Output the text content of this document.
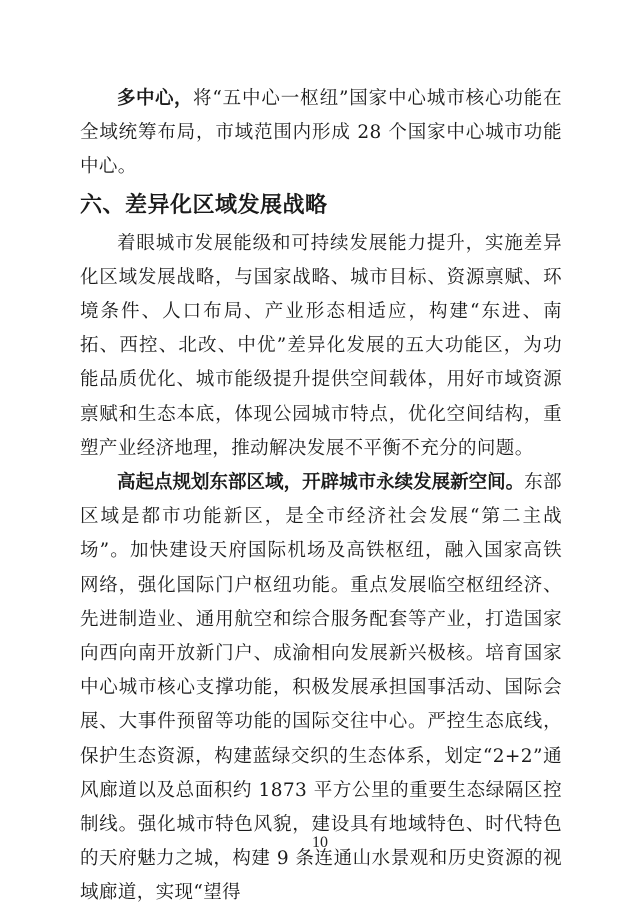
多中心，将“五中心一枢纽”国家中心城市核心功能在全域统筹布局，市域范围内形成 28 个国家中心城市功能中心。

六、差异化区域发展战略

着眼城市发展能级和可持续发展能力提升，实施差异化区域发展战略，与国家战略、城市目标、资源禀赋、环境条件、人口布局、产业形态相适应，构建“东进、南拓、西控、北改、中优”差异化发展的五大功能区，为功能品质优化、城市能级提升提供空间载体，用好市域资源禀赋和生态本底，体现公园城市特点，优化空间结构，重塑产业经济地理，推动解决发展不平衡不充分的问题。

高起点规划东部区域，开辟城市永续发展新空间。东部区域是都市功能新区，是全市经济社会发展“第二主战场”。加快建设天府国际机场及高铁枢纽，融入国家高铁网络，强化国际门户枢纽功能。重点发展临空枢纽经济、先进制造业、通用航空和综合服务配套等产业，打造国家向西向南开放新门户、成渝相向发展新兴极核。培育国家中心城市核心支撑功能，积极发展承担国事活动、国际会展、大事件预留等功能的国际交往中心。严控生态底线，保护生态资源，构建蓝绿交织的生态体系，划定“2+2”通风廊道以及总面积约 1873 平方公里的重要生态绿隔区控制线。强化城市特色风貌，建设具有地域特色、时代特色的天府魅力之城，构建 9 条连通山水景观和历史资源的视域廊道，实现“望得

10
